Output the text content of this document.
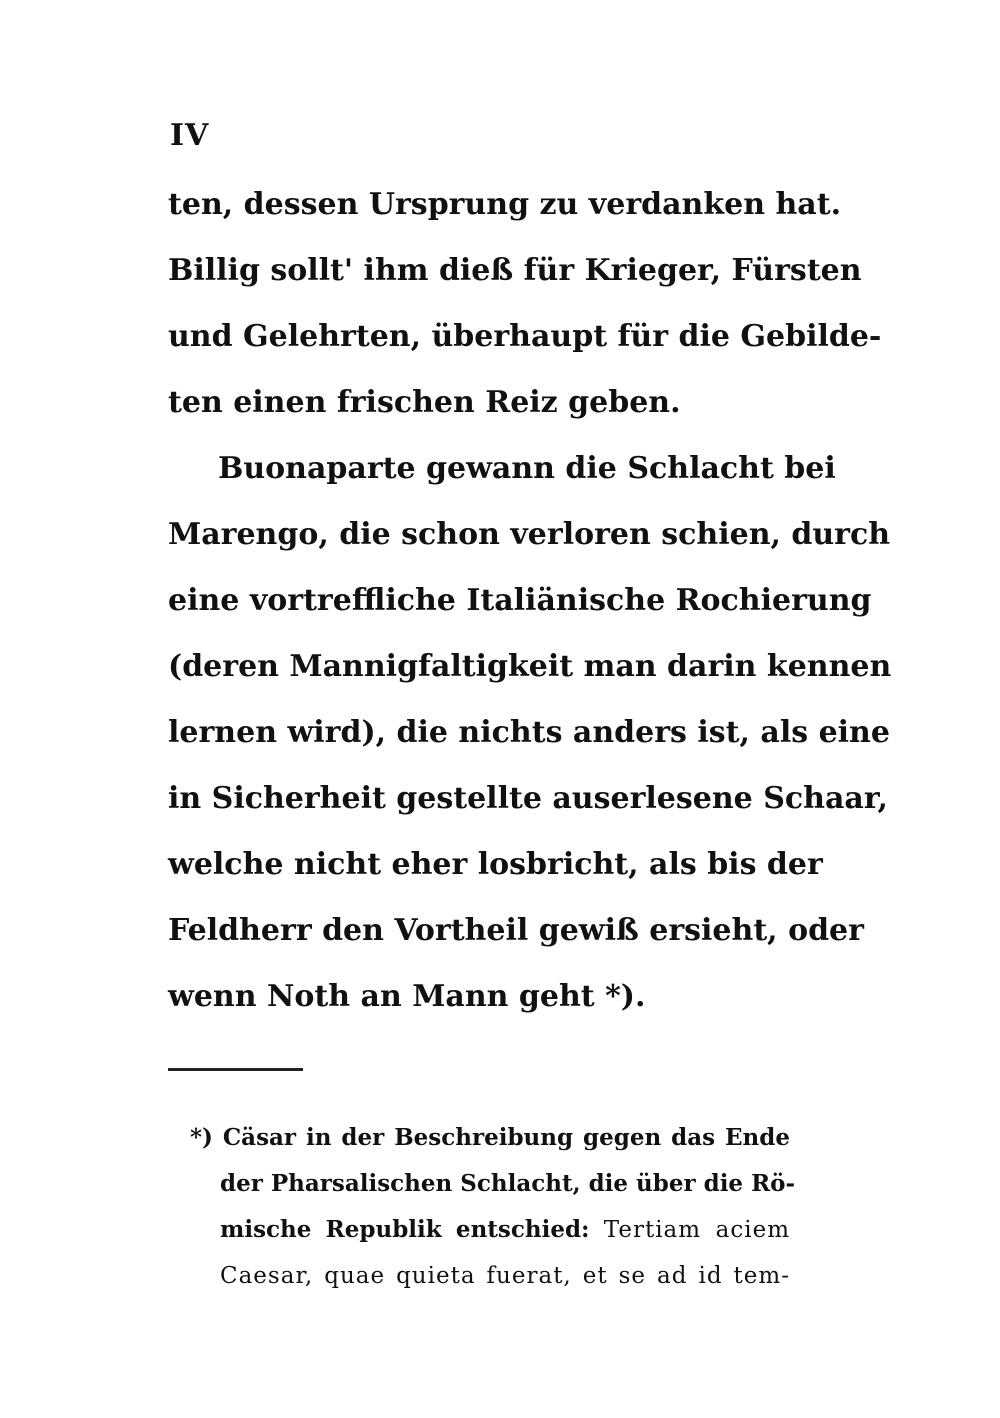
IV
ten, dessen Ursprung zu verdanken hat.
Billig sollt' ihm dieß für Krieger, Fürsten
und Gelehrten, überhaupt für die Gebilde-
ten einen frischen Reiz geben.
Buonaparte gewann die Schlacht bei
Marengo, die schon verloren schien, durch
eine vortreffliche Italiänische Rochierung
(deren Mannigfaltigkeit man darin kennen
lernen wird), die nichts anders ist, als eine
in Sicherheit gestellte auserlesene Schaar,
welche nicht eher losbricht, als bis der
Feldherr den Vortheil gewiß ersieht, oder
wenn Noth an Mann geht *).
*) Cäsar in der Beschreibung gegen das Ende
der Pharsalischen Schlacht, die über die Rö-
mische Republik entschied: Tertiam aciem
Caesar, quae quieta fuerat, et se ad id tem-
